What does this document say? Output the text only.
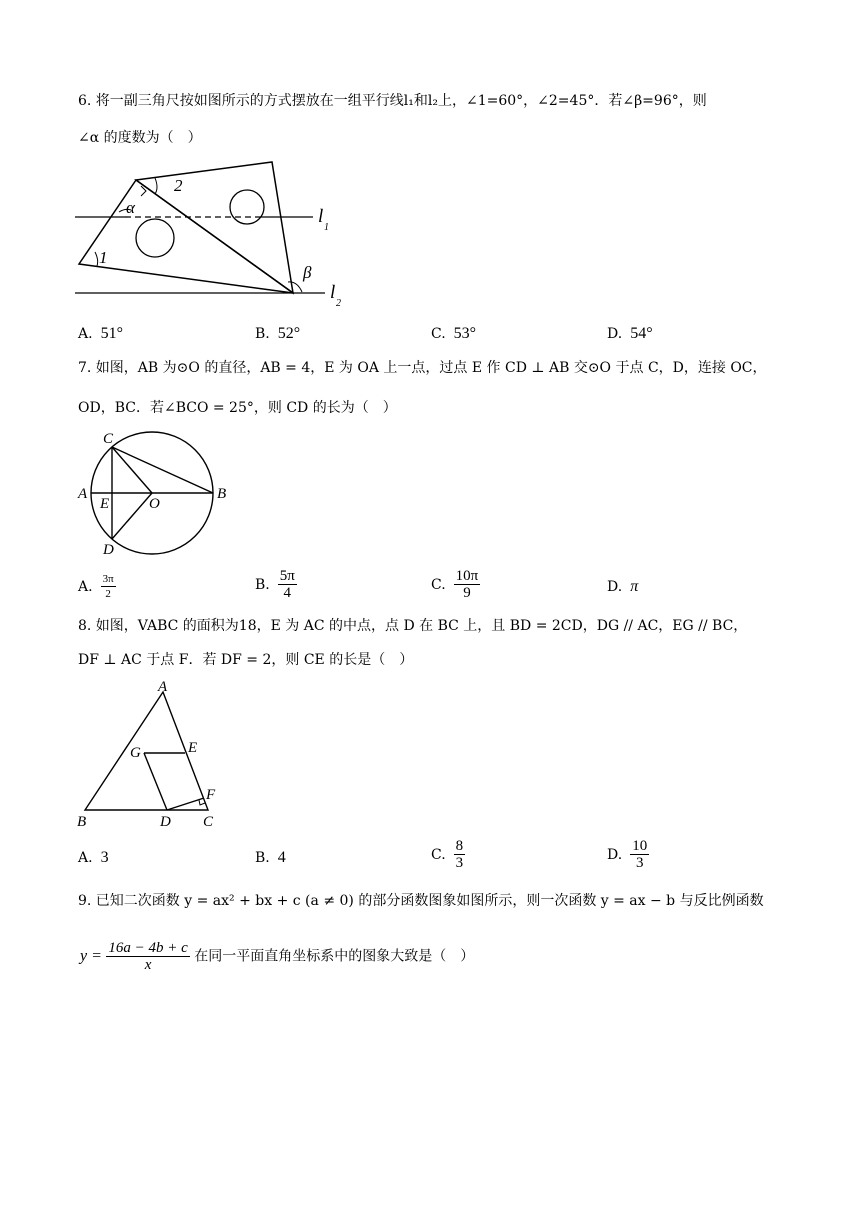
6. 将一副三角尺按如图所示的方式摆放在一组平行线l₁和l₂上，∠1=60°，∠2=45°．若∠β=96°，则
∠α 的度数为（　）
α
2
1
β
l
1
l
2
A. 51°	B. 52°	C. 53°	D. 54°
7. 如图，AB 为⊙O 的直径，AB = 4，E 为 OA 上一点，过点 E 作 CD ⊥ AB 交⊙O 于点 C，D，连接 OC，
OD，BC．若∠BCO = 25°，则 CD 的长为（　）
C
A
E	O
B
D
A. $\frac{3\pi}{2}$	B. $\frac{5\pi}{4}$	C. $\frac{10\pi}{9}$	D. π
8. 如图，VABC 的面积为18，E 为 AC 的中点，点 D 在 BC 上，且 BD = 2CD，DG // AC，EG // BC，
DF ⊥ AC 于点 F．若 DF = 2，则 CE 的长是（　）
A
G	E
F
B	D C
A. 3	B. 4	C. $\frac{8}{3}$	D. $\frac{10}{3}$
9. 已知二次函数 y = ax² + bx + c (a ≠ 0) 的部分函数图象如图所示，则一次函数 y = ax − b 与反比例函数
$y = \frac{16a - 4b + c}{x}$ 在同一平面直角坐标系中的图象大致是（　）
